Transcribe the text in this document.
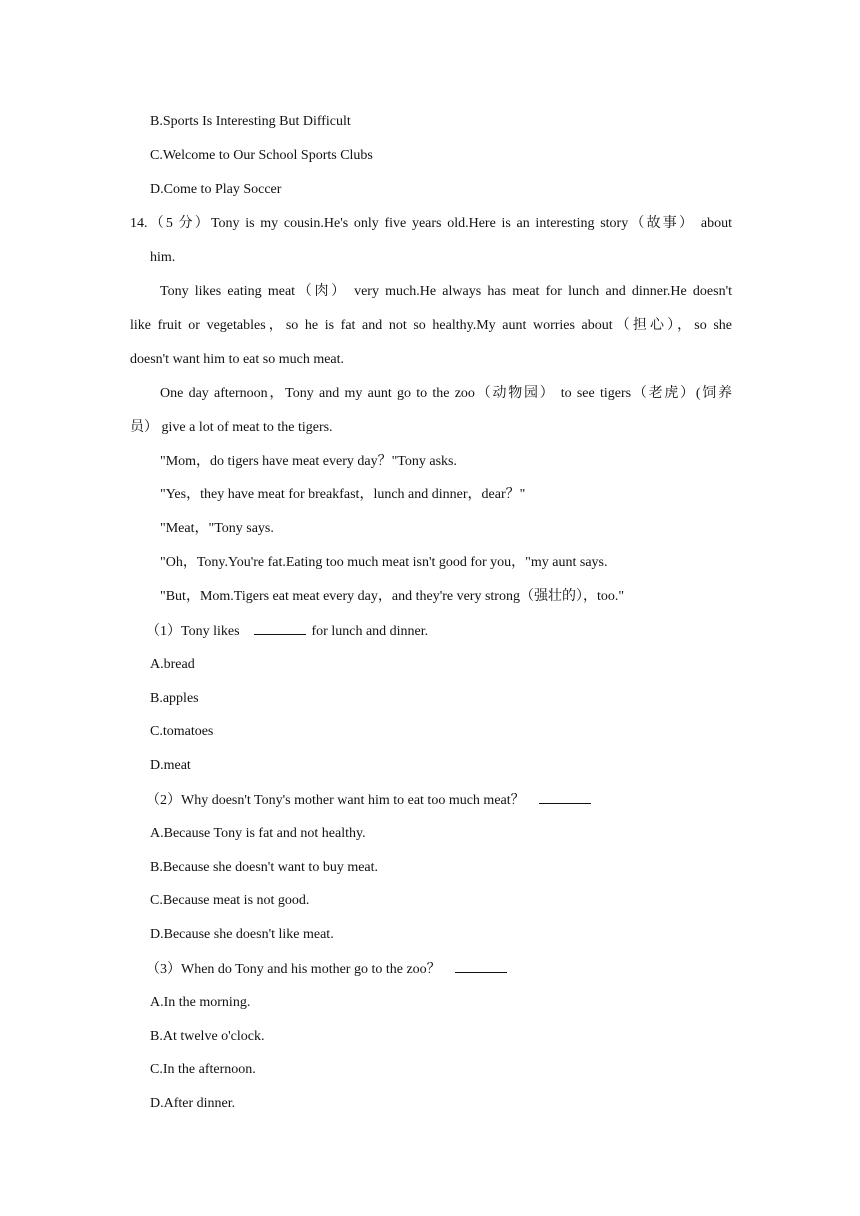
B.Sports Is Interesting But Difficult
C.Welcome to Our School Sports Clubs
D.Come to Play Soccer
14.（5 分）Tony is my cousin.He's only five years old.Here is an interesting story（故事） about
him.
Tony likes eating meat（肉） very much.He always has meat for lunch and dinner.He doesn't
like fruit or vegetables，so he is fat and not so healthy.My aunt worries about（担心），so she
doesn't want him to eat so much meat.
One day afternoon，Tony and my aunt go to the zoo（动物园） to see tigers（老虎）(饲养
员） give a lot of meat to the tigers.
"Mom，do tigers have meat every day？"Tony asks.
"Yes，they have meat for breakfast，lunch and dinner，dear？"
"Meat，"Tony says.
"Oh，Tony.You're fat.Eating too much meat isn't good for you，"my aunt says.
"But，Mom.Tigers eat meat every day，and they're very strong（强壮的），too."
（1）Tony likes	for lunch and dinner.
A.bread
B.apples
C.tomatoes
D.meat
（2）Why doesn't Tony's mother want him to eat too much meat？
A.Because Tony is fat and not healthy.
B.Because she doesn't want to buy meat.
C.Because meat is not good.
D.Because she doesn't like meat.
（3）When do Tony and his mother go to the zoo？
A.In the morning.
B.At twelve o'clock.
C.In the afternoon.
D.After dinner.
